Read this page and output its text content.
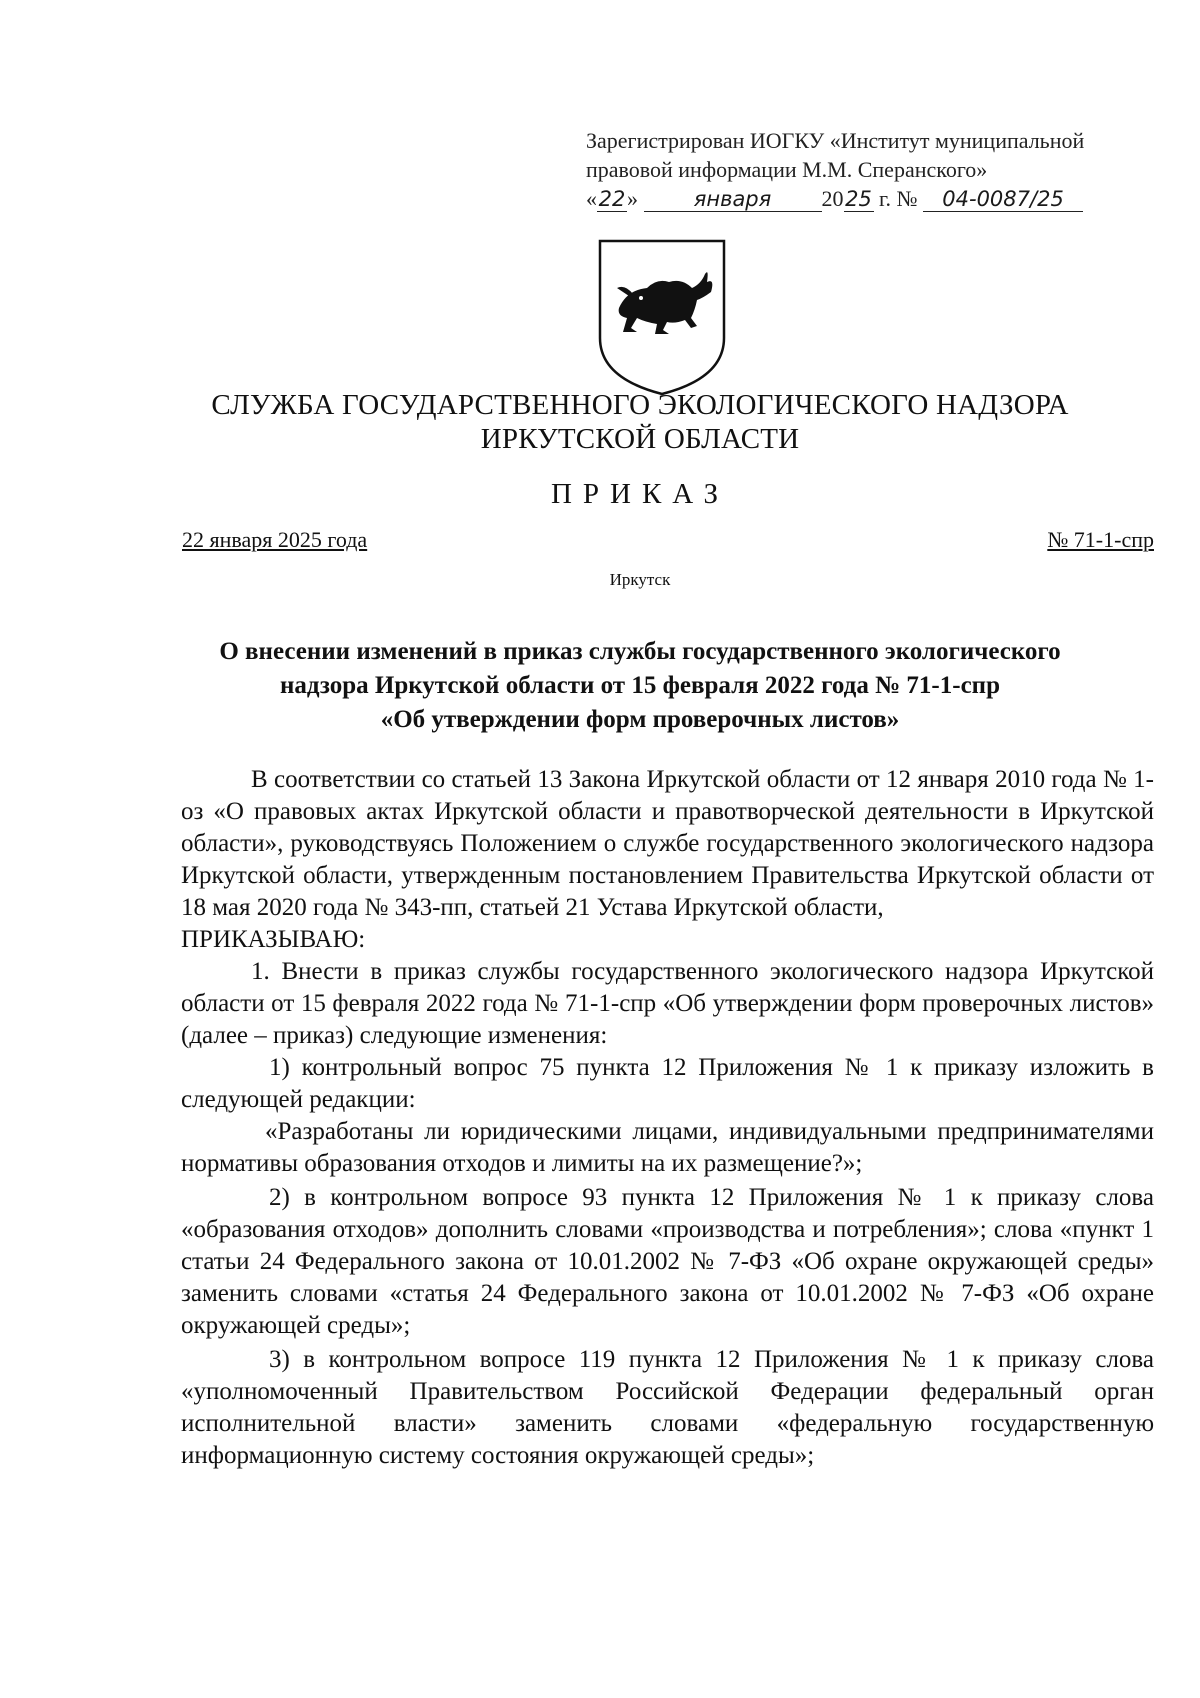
Зарегистрирован ИОГКУ «Институт муниципальной
правовой информации М.М. Сперанского»
«22»	января 2025 г. № 04-0087/25
СЛУЖБА ГОСУДАРСТВЕННОГО ЭКОЛОГИЧЕСКОГО НАДЗОРА
ИРКУТСКОЙ ОБЛАСТИ
ПРИКАЗ
22 января 2025 года	№ 71-1-спр
Иркутск
О внесении изменений в приказ службы государственного экологического
надзора Иркутской области от 15 февраля 2022 года № 71-1-спр
«Об утверждении форм проверочных листов»

В соответствии со статьей 13 Закона Иркутской области от 12 января 2010 года № 1-оз «О правовых актах Иркутской области и правотворческой деятельности в Иркутской области», руководствуясь Положением о службе государственного экологического надзора Иркутской области, утвержденным постановлением Правительства Иркутской области от 18 мая 2020 года № 343-пп, статьей 21 Устава Иркутской области,

ПРИКАЗЫВАЮ:

1. Внести в приказ службы государственного экологического надзора Иркутской области от 15 февраля 2022 года № 71-1-спр «Об утверждении форм проверочных листов» (далее – приказ) следующие изменения:

1) контрольный вопрос 75 пункта 12 Приложения № 1 к приказу изложить в следующей редакции:

«Разработаны ли юридическими лицами, индивидуальными предпринимателями нормативы образования отходов и лимиты на их размещение?»;

2) в контрольном вопросе 93 пункта 12 Приложения № 1 к приказу слова «образования отходов» дополнить словами «производства и потребления»; слова «пункт 1 статьи 24 Федерального закона от 10.01.2002 № 7-ФЗ «Об охране окружающей среды» заменить словами «статья 24 Федерального закона от 10.01.2002 № 7-ФЗ «Об охране окружающей среды»;

3) в контрольном вопросе 119 пункта 12 Приложения № 1 к приказу слова «уполномоченный Правительством Российской Федерации федеральный орган исполнительной власти» заменить словами «федеральную государственную информационную систему состояния окружающей среды»;
